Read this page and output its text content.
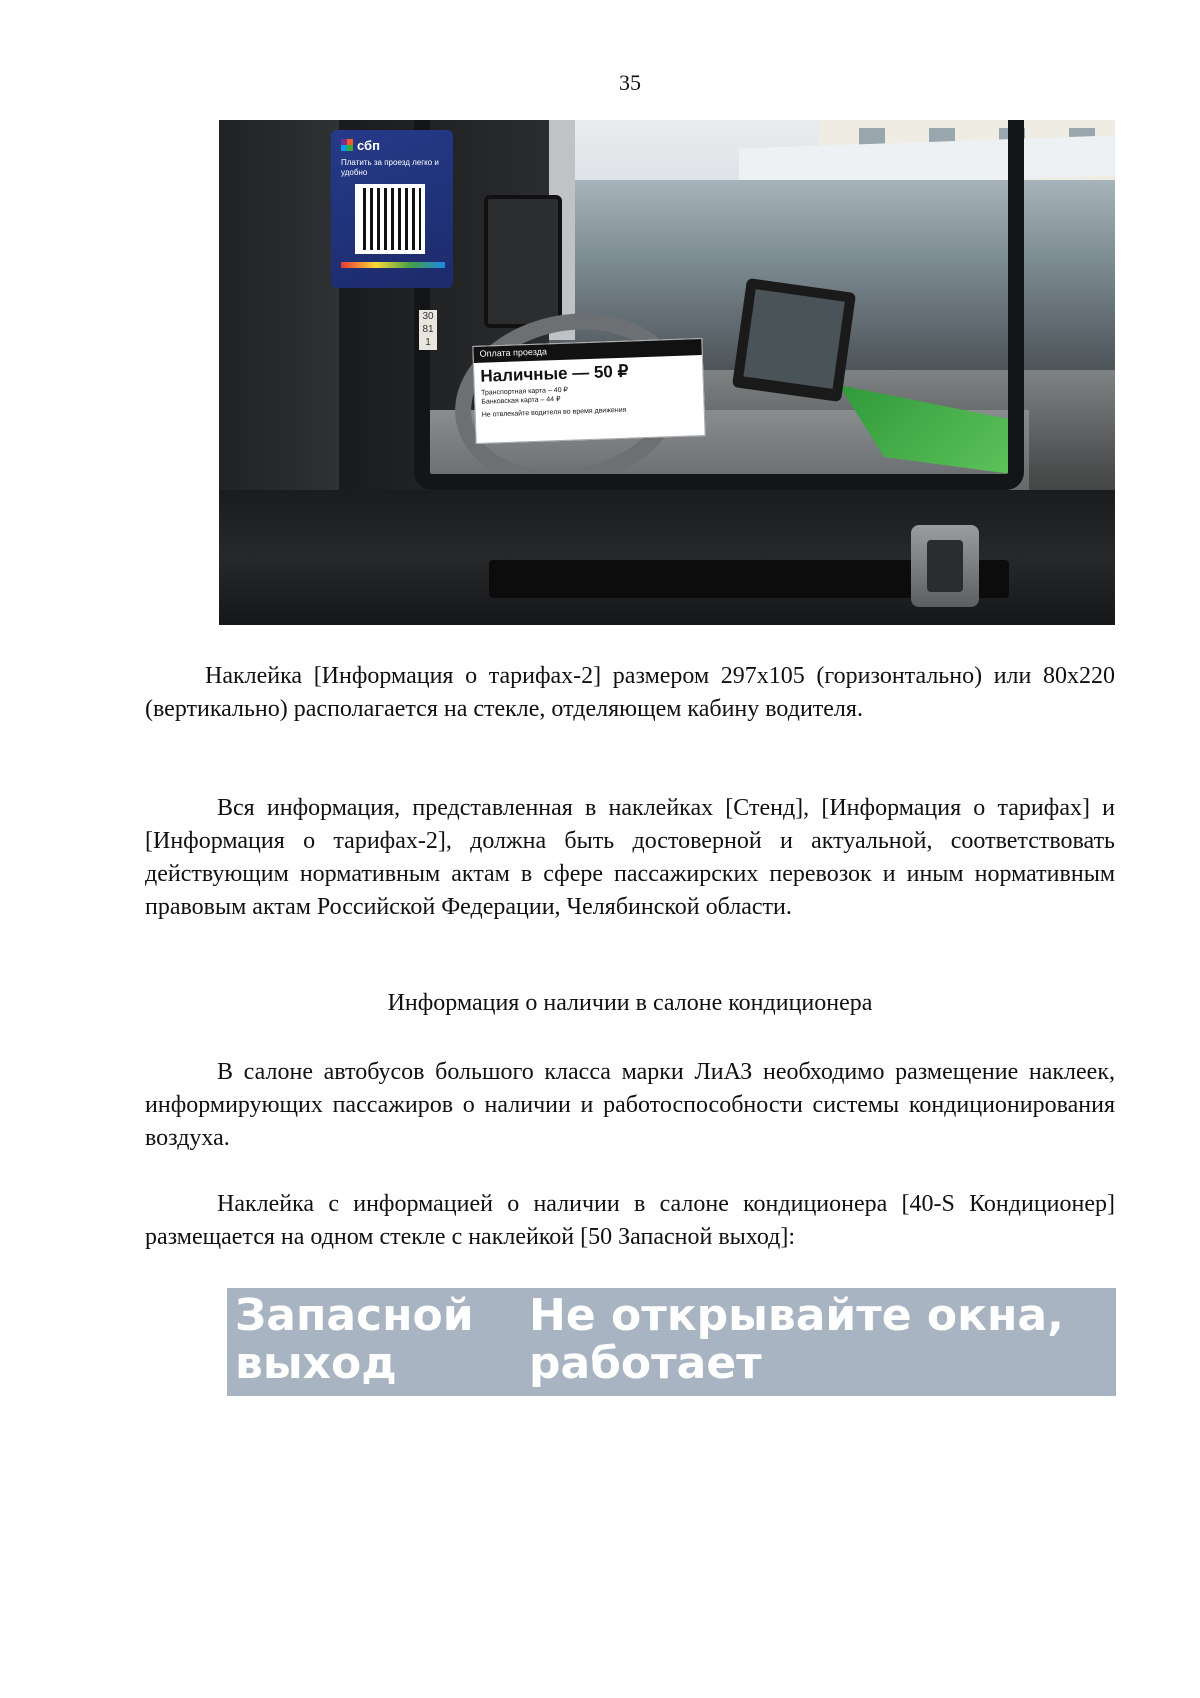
35
30
81
1
сбп
Платить за проезд легко и удобно
Оплата проезда
Наличные — 50 ₽
Транспортная карта – 40 ₽
Банковская карта – 44 ₽
Не отвлекайте водителя во время движения

Наклейка [Информация о тарифах-2] размером 297х105 (горизонтально) или 80х220 (вертикально) располагается на стекле, отделяющем кабину водителя.

Вся информация, представленная в наклейках [Стенд], [Информация о тарифах] и [Информация о тарифах-2], должна быть достоверной и актуальной, соответствовать действующим нормативным актам в сфере пассажирских перевозок и иным нормативным правовым актам Российской Федерации, Челябинской области.

Информация о наличии в салоне кондиционера

В салоне автобусов большого класса марки ЛиАЗ необходимо размещение наклеек, информирующих пассажиров о наличии и работоспособности системы кондиционирования воздуха.

Наклейка с информацией о наличии в салоне кондиционера [40-S Кондиционер] размещается на одном стекле с наклейкой [50 Запасной выход]:

Запасной
выход
Не открывайте окна,
работает кондиционер
